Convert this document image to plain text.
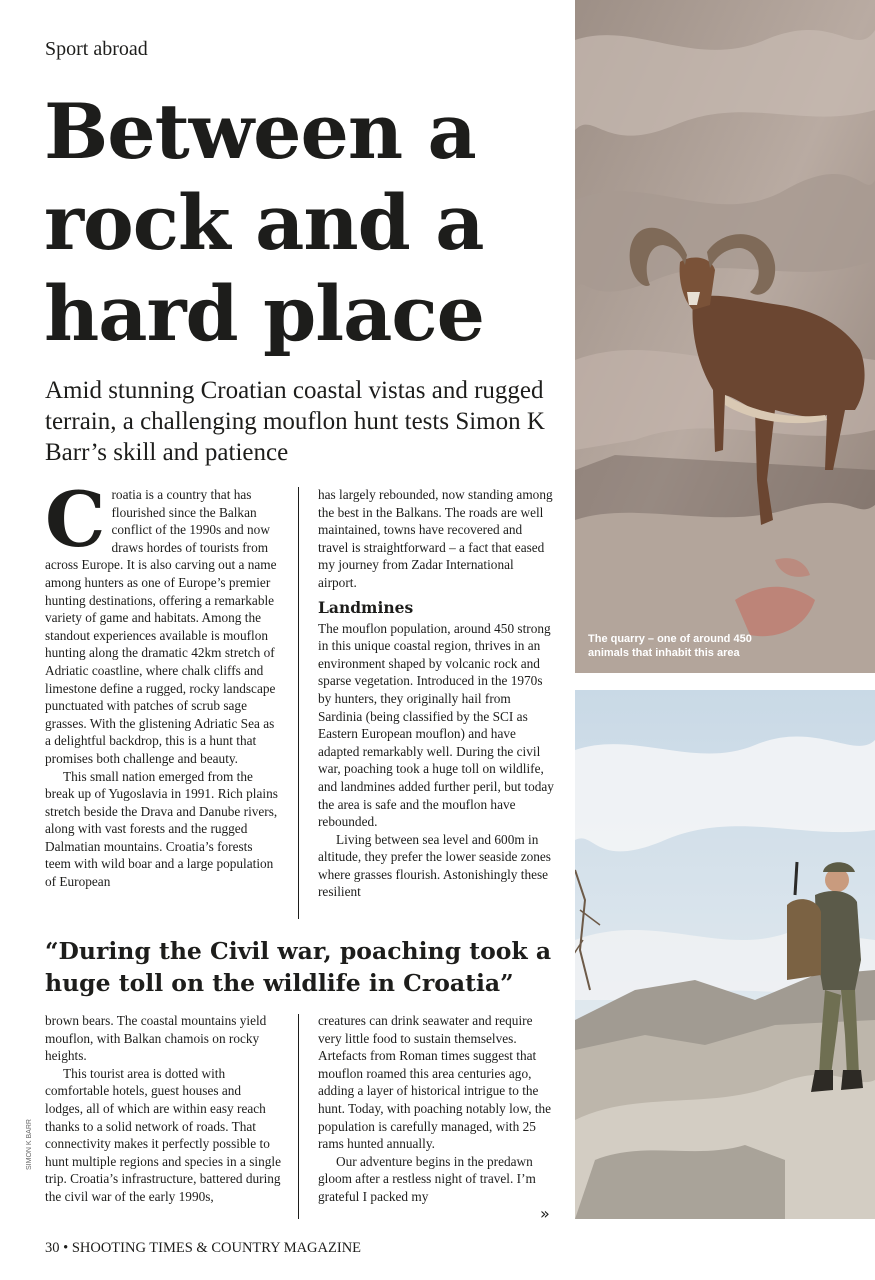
Sport abroad
Between a rock and a hard place

Amid stunning Croatian coastal vistas and rugged terrain, a challenging mouflon hunt tests Simon K Barr’s skill and patience

C roatia is a country that has flourished since the Balkan conflict of the 1990s and now draws hordes of tourists from across Europe. It is also carving out a name among hunters as one of Europe’s premier hunting destinations, offering a remarkable variety of game and habitats. Among the standout experiences available is mouflon hunting along the dramatic 42km stretch of Adriatic coastline, where chalk cliffs and limestone define a rugged, rocky landscape punctuated with patches of scrub sage grasses. With the glistening Adriatic Sea as a delightful backdrop, this is a hunt that promises both challenge and beauty.

This small nation emerged from the break up of Yugoslavia in 1991. Rich plains stretch beside the Drava and Danube rivers, along with vast forests and the rugged Dalmatian mountains. Croatia’s forests teem with wild boar and a large population of European

has largely rebounded, now standing among the best in the Balkans. The roads are well maintained, towns have recovered and travel is straightforward – a fact that eased my journey from Zadar International airport.

Landmines

The mouflon population, around 450 strong in this unique coastal region, thrives in an environment shaped by volcanic rock and sparse vegetation. Introduced in the 1970s by hunters, they originally hail from Sardinia (being classified by the SCI as Eastern European mouflon) and have adapted remarkably well. During the civil war, poaching took a huge toll on wildlife, and landmines added further peril, but today the area is safe and the mouflon have rebounded.

Living between sea level and 600m in altitude, they prefer the lower seaside zones where grasses flourish. Astonishingly these resilient

“During the Civil war, poaching took a huge toll on the wildlife in Croatia”

brown bears. The coastal mountains yield mouflon, with Balkan chamois on rocky heights.

This tourist area is dotted with comfortable hotels, guest houses and lodges, all of which are within easy reach thanks to a solid network of roads. That connectivity makes it perfectly possible to hunt multiple regions and species in a single trip. Croatia’s infrastructure, battered during the civil war of the early 1990s,

creatures can drink seawater and require very little food to sustain themselves. Artefacts from Roman times suggest that mouflon roamed this area centuries ago, adding a layer of historical intrigue to the hunt. Today, with poaching notably low, the population is carefully managed, with 25 rams hunted annually.

Our adventure begins in the predawn gloom after a restless night of travel. I’m grateful I packed my

»
The quarry – one of around 450 animals that inhabit this area
SIMON K BARR
30 • SHOOTING TIMES & COUNTRY MAGAZINE
